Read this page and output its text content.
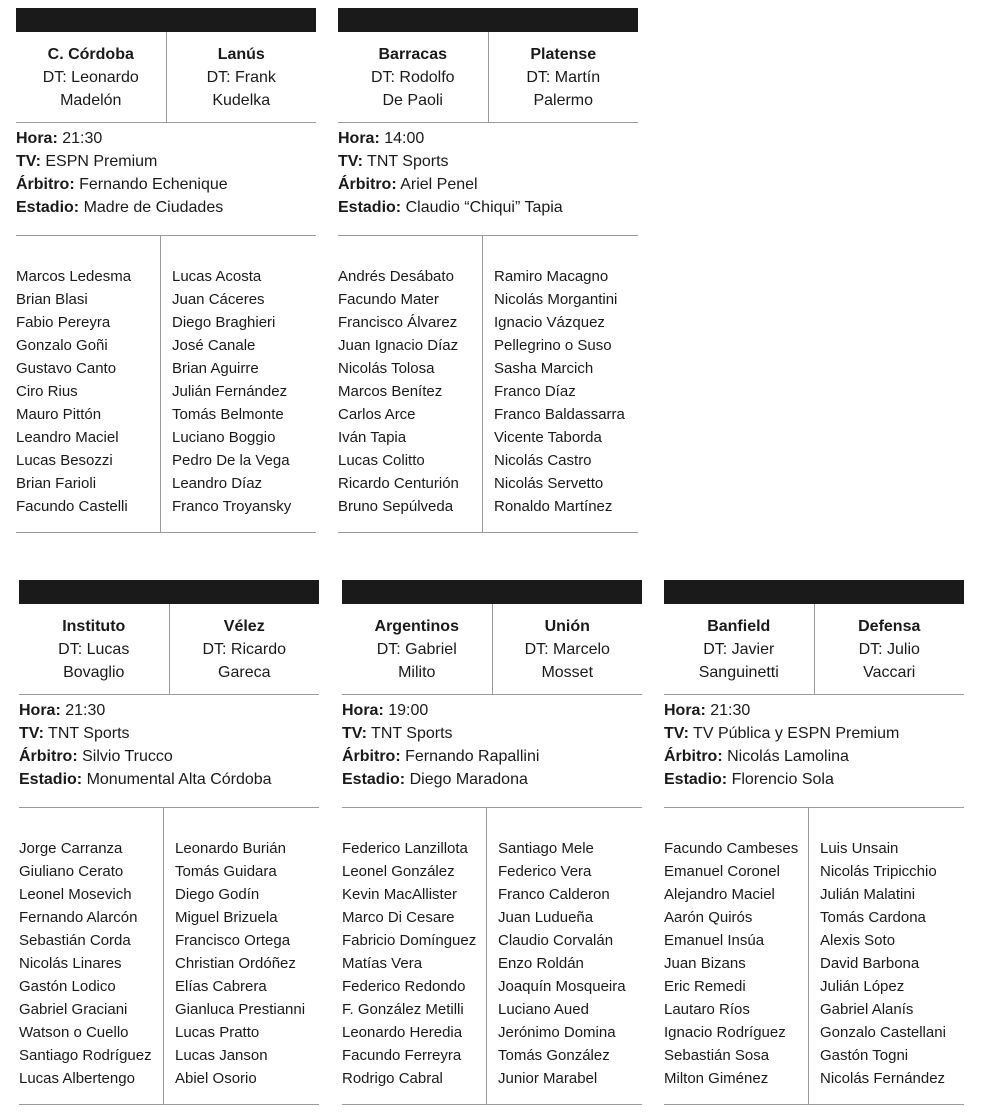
C. Córdoba
DT: Leonardo
Madelón
Lanús
DT: Frank
Kudelka
Hora: 21:30
TV: ESPN Premium
Árbitro: Fernando Echenique
Estadio: Madre de Ciudades
Marcos Ledesma
Brian Blasi
Fabio Pereyra
Gonzalo Goñi
Gustavo Canto
Ciro Rius
Mauro Pittón
Leandro Maciel
Lucas Besozzi
Brian Farioli
Facundo Castelli
Lucas Acosta
Juan Cáceres
Diego Braghieri
José Canale
Brian Aguirre
Julián Fernández
Tomás Belmonte
Luciano Boggio
Pedro De la Vega
Leandro Díaz
Franco Troyansky
Barracas
DT: Rodolfo
De Paoli
Platense
DT: Martín
Palermo
Hora: 14:00
TV: TNT Sports
Árbitro: Ariel Penel
Estadio: Claudio “Chiqui” Tapia
Andrés Desábato
Facundo Mater
Francisco Álvarez
Juan Ignacio Díaz
Nicolás Tolosa
Marcos Benítez
Carlos Arce
Iván Tapia
Lucas Colitto
Ricardo Centurión
Bruno Sepúlveda
Ramiro Macagno
Nicolás Morgantini
Ignacio Vázquez
Pellegrino o Suso
Sasha Marcich
Franco Díaz
Franco Baldassarra
Vicente Taborda
Nicolás Castro
Nicolás Servetto
Ronaldo Martínez
Instituto
DT: Lucas
Bovaglio
Vélez
DT: Ricardo
Gareca
Hora: 21:30
TV: TNT Sports
Árbitro: Silvio Trucco
Estadio: Monumental Alta Córdoba
Jorge Carranza
Giuliano Cerato
Leonel Mosevich
Fernando Alarcón
Sebastián Corda
Nicolás Linares
Gastón Lodico
Gabriel Graciani
Watson o Cuello
Santiago Rodríguez
Lucas Albertengo
Leonardo Burián
Tomás Guidara
Diego Godín
Miguel Brizuela
Francisco Ortega
Christian Ordóñez
Elías Cabrera
Gianluca Prestianni
Lucas Pratto
Lucas Janson
Abiel Osorio
Argentinos
DT: Gabriel
Milito
Unión
DT: Marcelo
Mosset
Hora: 19:00
TV: TNT Sports
Árbitro: Fernando Rapallini
Estadio: Diego Maradona
Federico Lanzillota
Leonel González
Kevin MacAllister
Marco Di Cesare
Fabricio Domínguez
Matías Vera
Federico Redondo
F. González Metilli
Leonardo Heredia
Facundo Ferreyra
Rodrigo Cabral
Santiago Mele
Federico Vera
Franco Calderon
Juan Ludueña
Claudio Corvalán
Enzo Roldán
Joaquín Mosqueira
Luciano Aued
Jerónimo Domina
Tomás González
Junior Marabel
Banfield
DT: Javier
Sanguinetti
Defensa
DT: Julio
Vaccari
Hora: 21:30
TV: TV Pública y ESPN Premium
Árbitro: Nicolás Lamolina
Estadio: Florencio Sola
Facundo Cambeses
Emanuel Coronel
Alejandro Maciel
Aarón Quirós
Emanuel Insúa
Juan Bizans
Eric Remedi
Lautaro Ríos
Ignacio Rodríguez
Sebastián Sosa
Milton Giménez
Luis Unsain
Nicolás Tripicchio
Julián Malatini
Tomás Cardona
Alexis Soto
David Barbona
Julián López
Gabriel Alanís
Gonzalo Castellani
Gastón Togni
Nicolás Fernández
